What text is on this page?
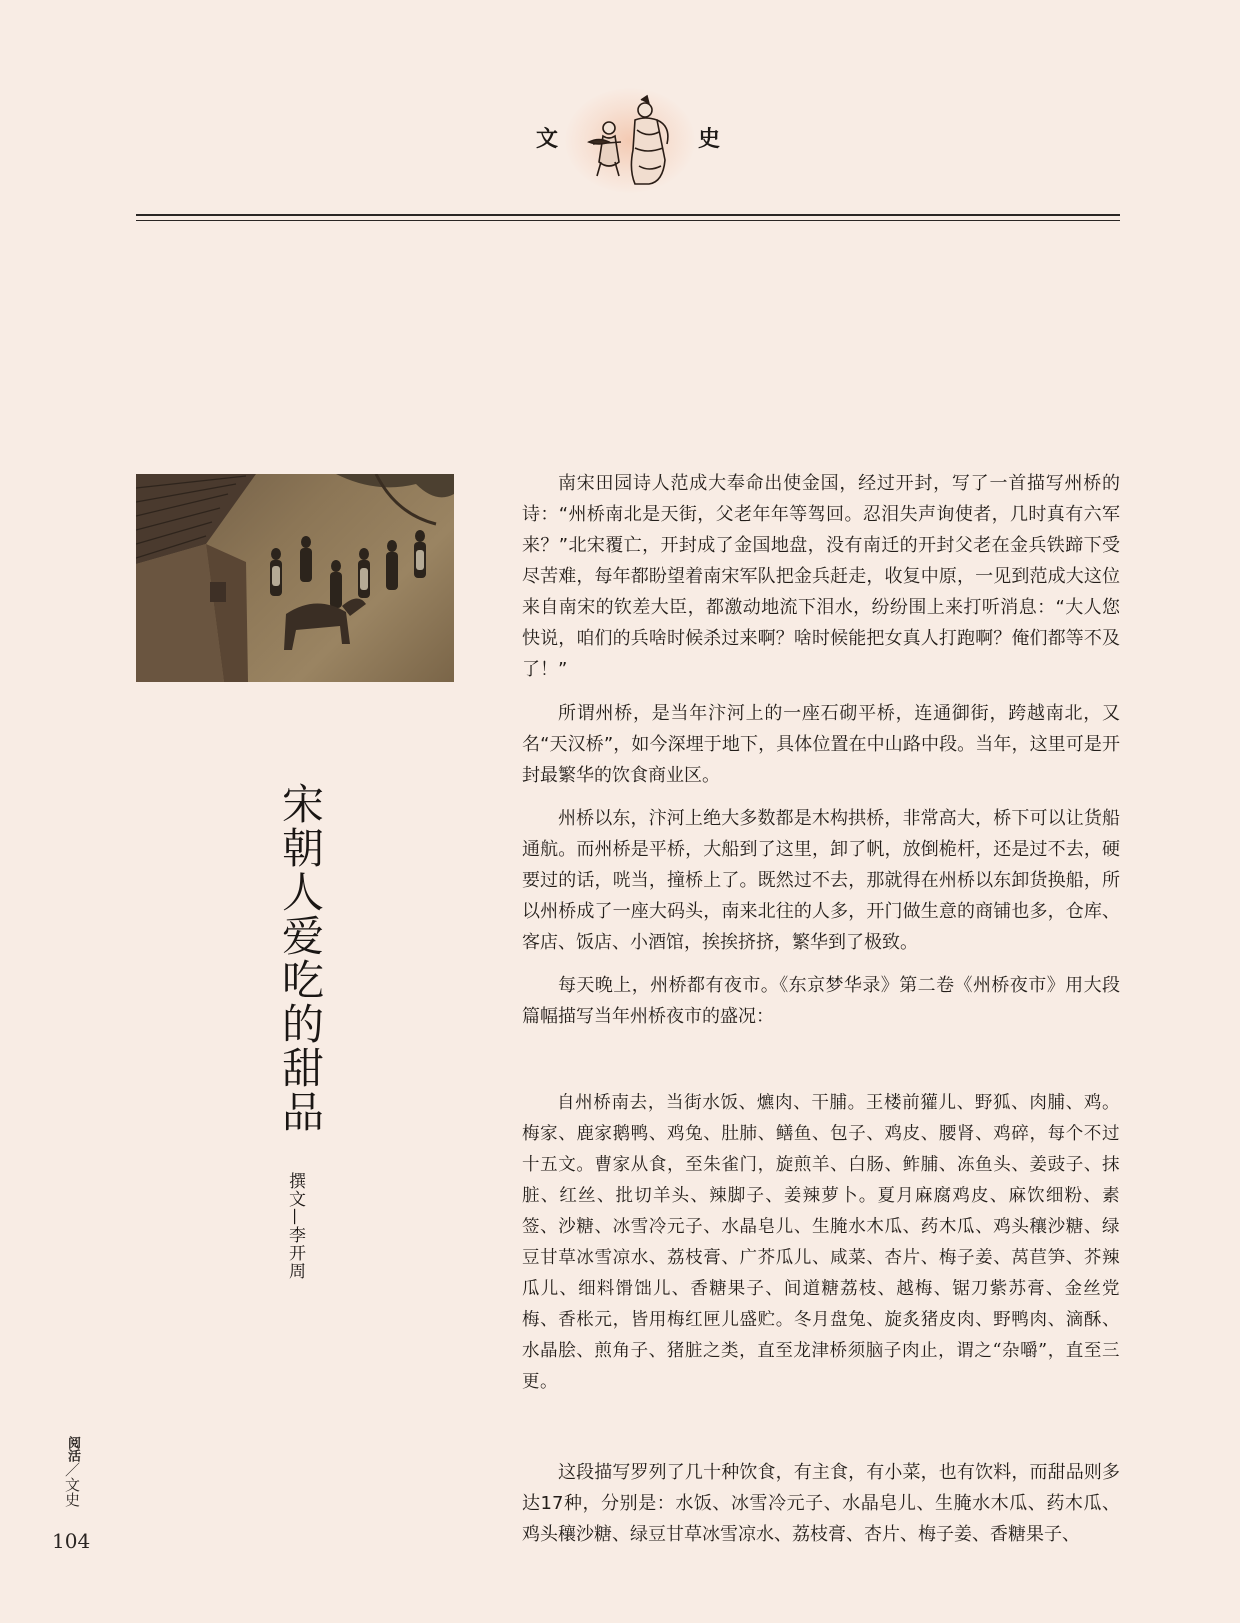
文	史
宋朝人爱吃的甜品
撰文—李开周

南宋田园诗人范成大奉命出使金国，经过开封，写了一首描写州桥的诗：“州桥南北是天街，父老年年等驾回。忍泪失声询使者，几时真有六军来？”北宋覆亡，开封成了金国地盘，没有南迁的开封父老在金兵铁蹄下受尽苦难，每年都盼望着南宋军队把金兵赶走，收复中原，一见到范成大这位来自南宋的钦差大臣，都激动地流下泪水，纷纷围上来打听消息：“大人您快说，咱们的兵啥时候杀过来啊？啥时候能把女真人打跑啊？俺们都等不及了！”

所谓州桥，是当年汴河上的一座石砌平桥，连通御街，跨越南北，又名“天汉桥”，如今深埋于地下，具体位置在中山路中段。当年，这里可是开封最繁华的饮食商业区。

州桥以东，汴河上绝大多数都是木构拱桥，非常高大，桥下可以让货船通航。而州桥是平桥，大船到了这里，卸了帆，放倒桅杆，还是过不去，硬要过的话，咣当，撞桥上了。既然过不去，那就得在州桥以东卸货换船，所以州桥成了一座大码头，南来北往的人多，开门做生意的商铺也多，仓库、客店、饭店、小酒馆，挨挨挤挤，繁华到了极致。

每天晚上，州桥都有夜市。《东京梦华录》第二卷《州桥夜市》用大段篇幅描写当年州桥夜市的盛况：

自州桥南去，当街水饭、爊肉、干脯。王楼前獾儿、野狐、肉脯、鸡。梅家、鹿家鹅鸭、鸡兔、肚肺、鳝鱼、包子、鸡皮、腰肾、鸡碎，每个不过十五文。曹家从食，至朱雀门，旋煎羊、白肠、鲊脯、冻鱼头、姜豉子、抹脏、红丝、批切羊头、辣脚子、姜辣萝卜。夏月麻腐鸡皮、麻饮细粉、素签、沙糖、冰雪冷元子、水晶皂儿、生腌水木瓜、药木瓜、鸡头穰沙糖、绿豆甘草冰雪凉水、荔枝膏、广芥瓜儿、咸菜、杏片、梅子姜、莴苣笋、芥辣瓜儿、细料馉饳儿、香糖果子、间道糖荔枝、越梅、锯刀紫苏膏、金丝党梅、香枨元，皆用梅红匣儿盛贮。冬月盘兔、旋炙猪皮肉、野鸭肉、滴酥、水晶脍、煎角子、猪脏之类，直至龙津桥须脑子肉止，谓之“杂嚼”，直至三更。

这段描写罗列了几十种饮食，有主食，有小菜，也有饮料，而甜品则多达17种，分别是：水饭、冰雪冷元子、水晶皂儿、生腌水木瓜、药木瓜、鸡头穰沙糖、绿豆甘草冰雪凉水、荔枝膏、杏片、梅子姜、香糖果子、

阅活／文史
104
